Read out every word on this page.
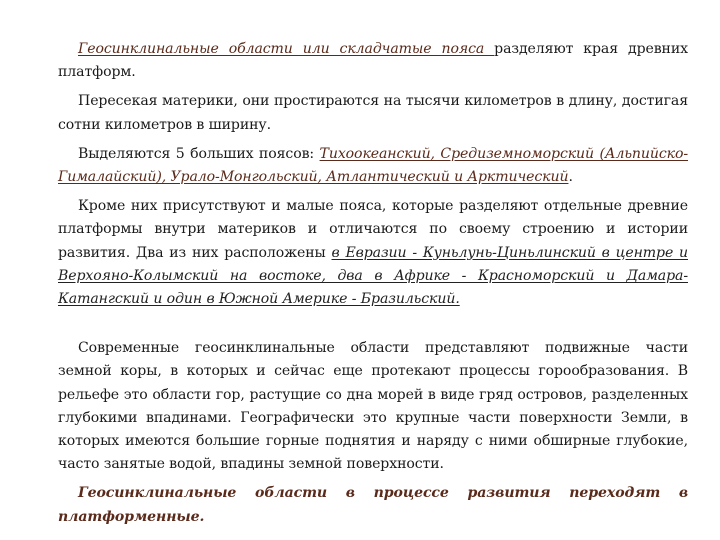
Геосинклинальные области или складчатые пояса разделяют края древних платформ.

Пересекая материки, они простираются на тысячи километров в длину, достигая сотни километров в ширину.

Выделяются 5 больших поясов: Тихоокеанский, Средиземноморский (Альпийско-Гималайский), Урало-Монгольский, Атлантический и Арктический.

Кроме них присутствуют и малые пояса, которые разделяют отдельные древние платформы внутри материков и отличаются по своему строению и истории развития. Два из них расположены в Евразии - Куньлунь-Циньлинский в центре и Верхояно-Колымский на востоке, два в Африке - Красноморский и Дамара-Катангский и один в Южной Америке - Бразильский.

Современные геосинклинальные области представляют подвижные части земной коры, в которых и сейчас еще протекают процессы горообразования. В рельефе это области гор, растущие со дна морей в виде гряд островов, разделенных глубокими впадинами. Географически это крупные части поверхности Земли, в которых имеются большие горные поднятия и наряду с ними обширные глубокие, часто занятые водой, впадины земной поверхности.

Геосинклинальные области в процессе развития переходят в платформенные.
